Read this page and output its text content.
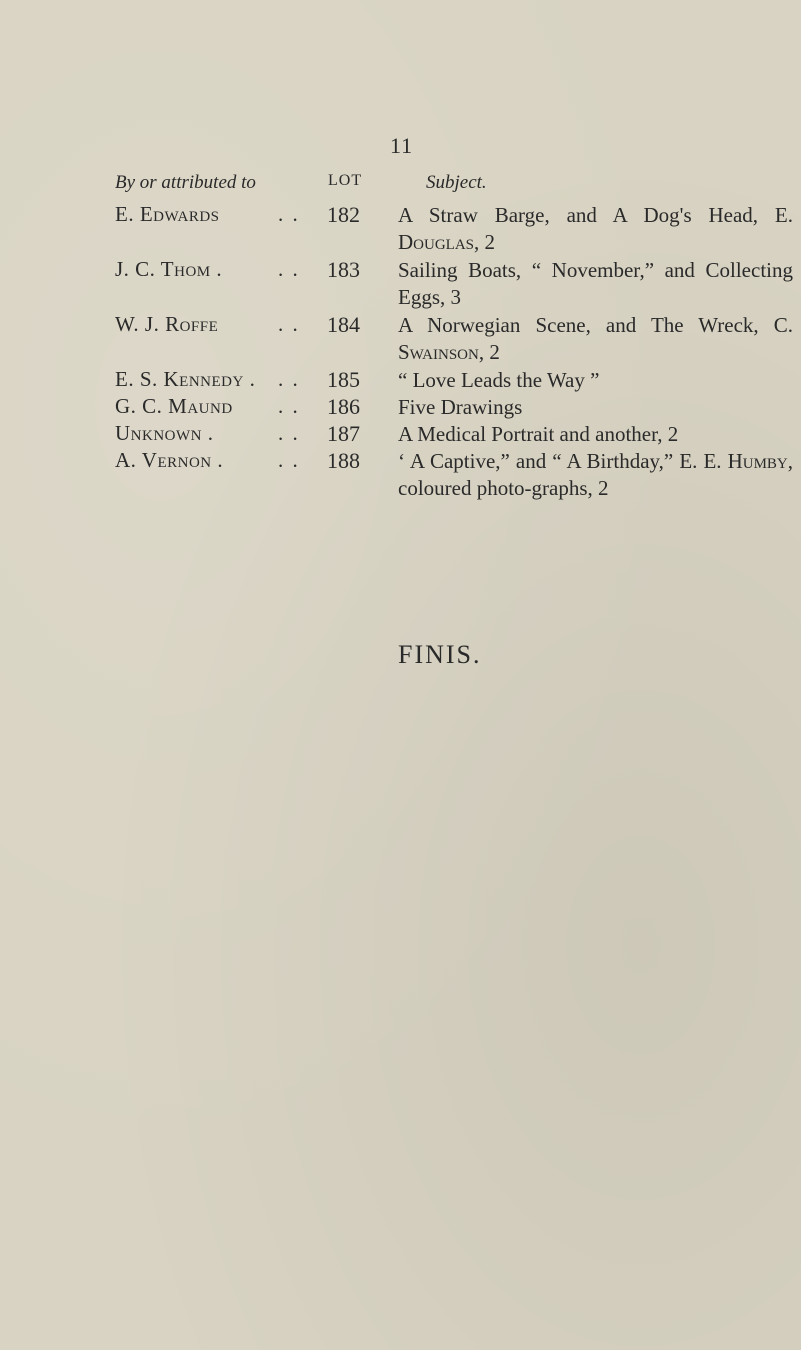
11
By or attributed to	LOT	Subject.
E. Edwards	. . 182	A Straw Barge, and A Dog's Head, E. Douglas, 2
J. C. Thom .	. . 183	Sailing Boats, “ November,” and Collecting Eggs, 3
W. J. Roffe	. . 184	A Norwegian Scene, and The Wreck, C. Swainson, 2
E. S. Kennedy .	. . 185	“ Love Leads the Way ”
G. C. Maund	. . 186	Five Drawings
Unknown .	. . 187	A Medical Portrait and another, 2
A. Vernon .	. . 188	‘ A Captive,” and “ A Birthday,” E. E. Humby, coloured photo-graphs, 2
FINIS.
